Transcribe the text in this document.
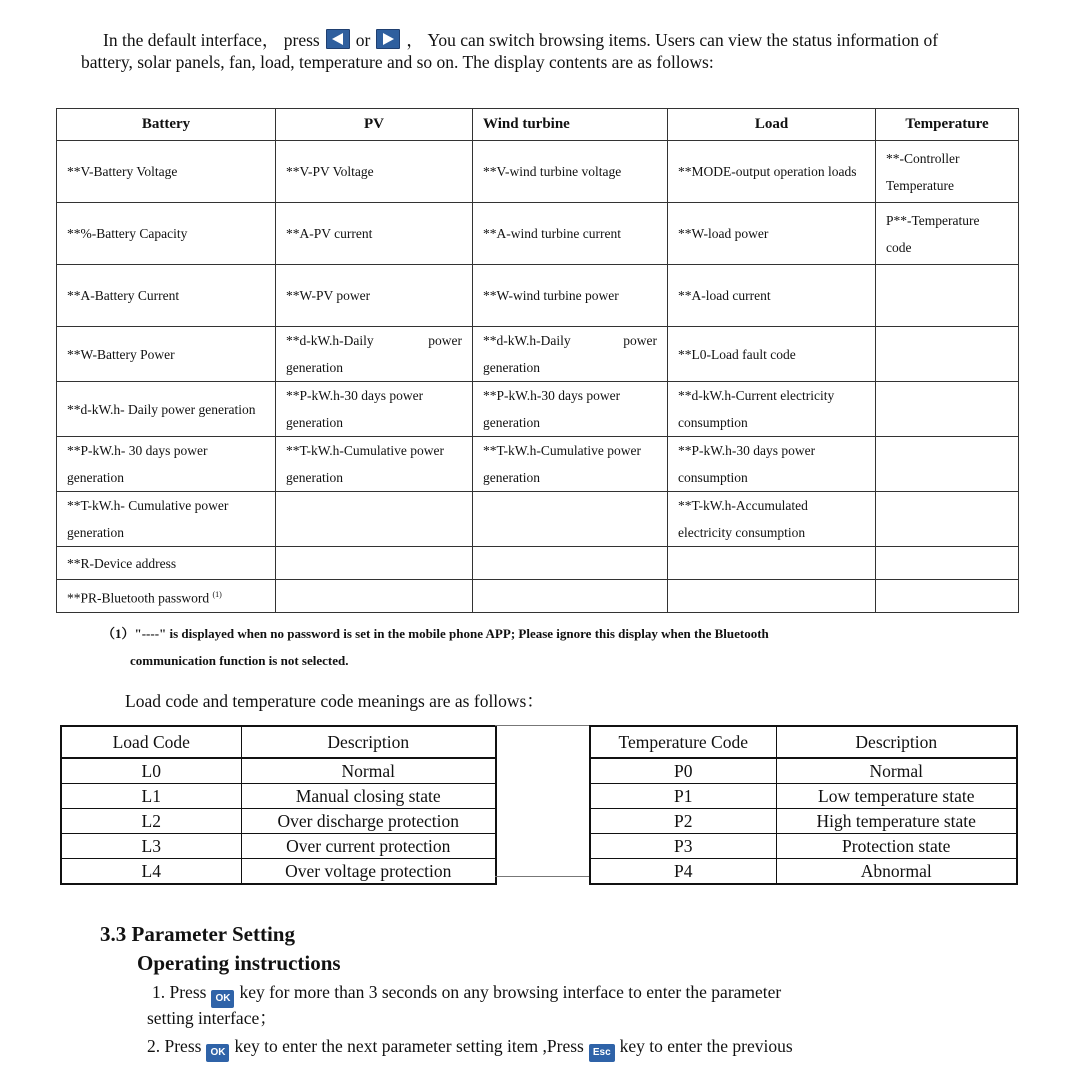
In the default interface， press or ， You can switch browsing items. Users can view the status information of battery, solar panels, fan, load, temperature and so on. The display contents are as follows:

Battery	PV	Wind turbine	Load	Temperature
**V-Battery Voltage	**V-PV Voltage	**V-wind turbine voltage	**MODE-output operation loads	**-Controller Temperature
**%-Battery Capacity	**A-PV current	**A-wind turbine current	**W-load power	P**-Temperature code
**A-Battery Current	**W-PV power	**W-wind turbine power	**A-load current	
**W-Battery Power	**d-kW.h-Daily power generation	**d-kW.h-Daily power generation	**L0-Load fault code	
**d-kW.h- Daily power generation	**P-kW.h-30 days power generation	**P-kW.h-30 days power generation	**d-kW.h-Current electricity consumption	
**P-kW.h- 30 days power generation	**T-kW.h-Cumulative power generation	**T-kW.h-Cumulative power generation	**P-kW.h-30 days power consumption	
**T-kW.h- Cumulative power generation			**T-kW.h-Accumulated electricity consumption	
**R-Device address				
**PR-Bluetooth password $^{(1)}$				

（1）"----" is displayed when no password is set in the mobile phone APP; Please ignore this display when the Bluetooth
communication function is not selected.

Load code and temperature code meanings are as follows：

Load Code	Description
L0	Normal
L1	Manual closing state
L2	Over discharge protection
L3	Over current protection
L4	Over voltage protection
Temperature Code	Description
P0	Normal
P1	Low temperature state
P2	High temperature state
P3	Protection state
P4	Abnormal
3.3 Parameter Setting
Operating instructions

1. Press OK key for more than 3 seconds on any browsing interface to enter the parameter

setting interface；

2. Press OK key to enter the next parameter setting item ,Press Esc key to enter the previous
